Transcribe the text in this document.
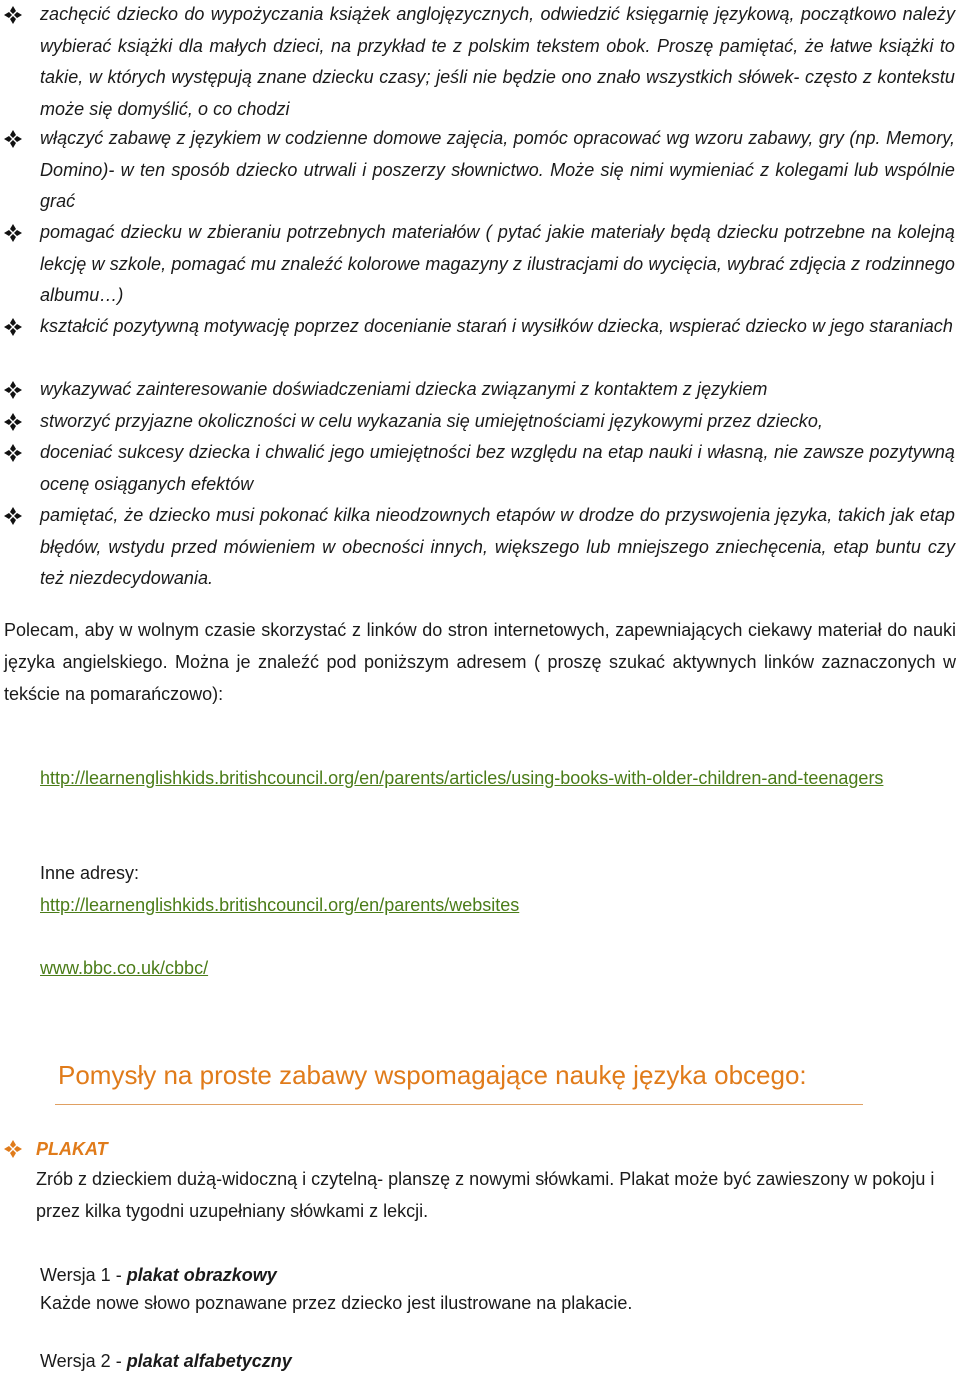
zachęcić dziecko do wypożyczania książek anglojęzycznych, odwiedzić księgarnię językową, początkowo należy wybierać książki dla małych dzieci, na przykład te z polskim tekstem obok. Proszę pamiętać, że łatwe książki to takie, w których występują znane dziecku czasy; jeśli nie będzie ono znało wszystkich słówek- często z kontekstu może się domyślić, o co chodzi
włączyć zabawę z językiem w codzienne domowe zajęcia, pomóc opracować wg wzoru zabawy, gry (np. Memory, Domino)- w ten sposób dziecko utrwali i poszerzy słownictwo. Może się nimi wymieniać z kolegami lub wspólnie grać
pomagać dziecku w zbieraniu potrzebnych materiałów ( pytać jakie materiały będą dziecku potrzebne na kolejną lekcję w szkole, pomagać mu znaleźć kolorowe magazyny z ilustracjami do wycięcia, wybrać zdjęcia z rodzinnego albumu…)
kształcić pozytywną motywację poprzez docenianie starań i wysiłków dziecka, wspierać dziecko w jego staraniach
wykazywać zainteresowanie doświadczeniami dziecka związanymi z kontaktem z językiem
stworzyć przyjazne okoliczności w celu wykazania się umiejętnościami językowymi przez dziecko,
doceniać sukcesy dziecka i chwalić jego umiejętności bez względu na etap nauki i własną, nie zawsze pozytywną ocenę osiąganych efektów
pamiętać, że dziecko musi pokonać kilka nieodzownych etapów w drodze do przyswojenia języka, takich jak etap błędów, wstydu przed mówieniem w obecności innych, większego lub mniejszego zniechęcenia, etap buntu czy też niezdecydowania.
Polecam, aby w wolnym czasie skorzystać z linków do stron internetowych, zapewniających ciekawy materiał do nauki języka angielskiego. Można je znaleźć pod poniższym adresem ( proszę szukać aktywnych linków zaznaczonych w tekście na pomarańczowo):
http://learnenglishkids.britishcouncil.org/en/parents/articles/using-books-with-older-children-and-teenagers
Inne adresy:
http://learnenglishkids.britishcouncil.org/en/parents/websites
www.bbc.co.uk/cbbc/
Pomysły na proste zabawy wspomagające naukę języka obcego:
PLAKAT
Zrób z dzieckiem dużą-widoczną i czytelną- planszę z nowymi słówkami. Plakat może być zawieszony w pokoju i przez kilka tygodni uzupełniany słówkami z lekcji.
Wersja 1 - plakat obrazkowy
Każde nowe słowo poznawane przez dziecko jest ilustrowane na plakacie.
Wersja 2 - plakat alfabetyczny
